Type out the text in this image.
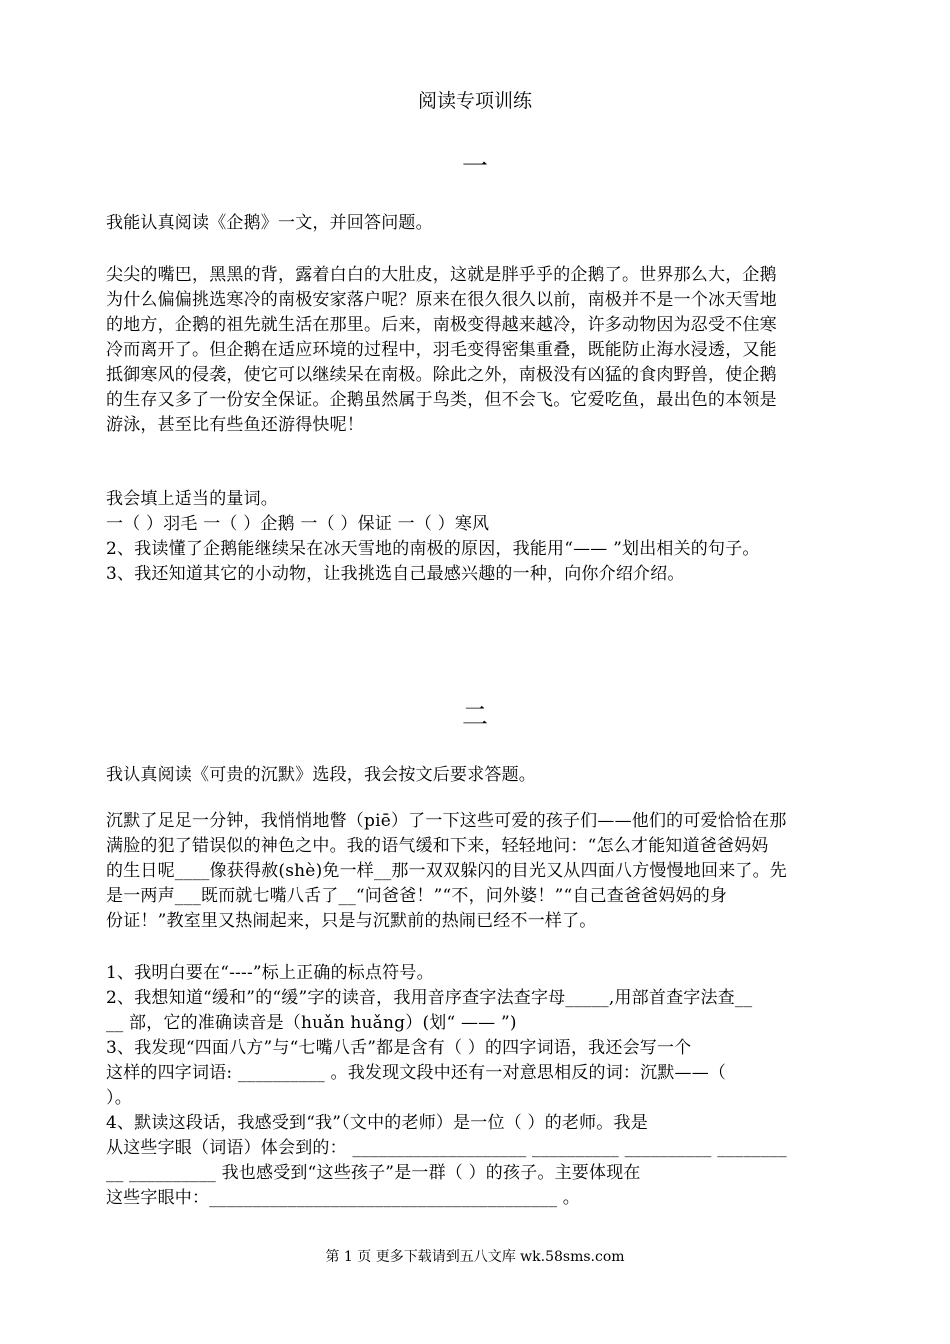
阅读专项训练
一
我能认真阅读《企鹅》一文，并回答问题。
尖尖的嘴巴，黑黑的背，露着白白的大肚皮，这就是胖乎乎的企鹅了。世界那么大，企鹅
为什么偏偏挑选寒冷的南极安家落户呢？原来在很久很久以前，南极并不是一个冰天雪地
的地方，企鹅的祖先就生活在那里。后来，南极变得越来越冷，许多动物因为忍受不住寒
冷而离开了。但企鹅在适应环境的过程中，羽毛变得密集重叠，既能防止海水浸透，又能
抵御寒风的侵袭，使它可以继续呆在南极。除此之外，南极没有凶猛的食肉野兽，使企鹅
的生存又多了一份安全保证。企鹅虽然属于鸟类，但不会飞。它爱吃鱼，最出色的本领是
游泳，甚至比有些鱼还游得快呢！
我会填上适当的量词。
一（ ）羽毛 一（ ）企鹅 一（ ）保证 一（ ）寒风
2、我读懂了企鹅能继续呆在冰天雪地的南极的原因，我能用“—— ”划出相关的句子。
3、我还知道其它的小动物，让我挑选自己最感兴趣的一种，向你介绍介绍。
二
我认真阅读《可贵的沉默》选段，我会按文后要求答题。
沉默了足足一分钟，我悄悄地瞥（piē）了一下这些可爱的孩子们——他们的可爱恰恰在那
满脸的犯了错误似的神色之中。我的语气缓和下来，轻轻地问：“怎么才能知道爸爸妈妈
的生日呢____像获得赦(shè)免一样__那一双双躲闪的目光又从四面八方慢慢地回来了。先
是一两声___既而就七嘴八舌了__“问爸爸！”“不，问外婆！”“自己查爸爸妈妈的身
份证！”教室里又热闹起来，只是与沉默前的热闹已经不一样了。
1、我明白要在“----”标上正确的标点符号。
2、我想知道“缓和”的“缓”字的读音，我用音序查字法查字母_____,用部首查字法查__
__ 部，它的准确读音是（huǎn huǎng）(划“ —— ”)
3、我发现“四面八方”与“七嘴八舌”都是含有（ ）的四字词语，我还会写一个
这样的四字词语: __________ 。我发现文段中还有一对意思相反的词：沉默——（
）。
4、默读这段话，我感受到“我”（文中的老师）是一位（ ）的老师。我是
从这些字眼（词语）体会到的： ____________________ __________ __________ ________
__ __________ 我也感受到“这些孩子”是一群（ ）的孩子。主要体现在
这些字眼中：________________________________________ 。
第 1 页 更多下载请到五八文库 wk.58sms.com
